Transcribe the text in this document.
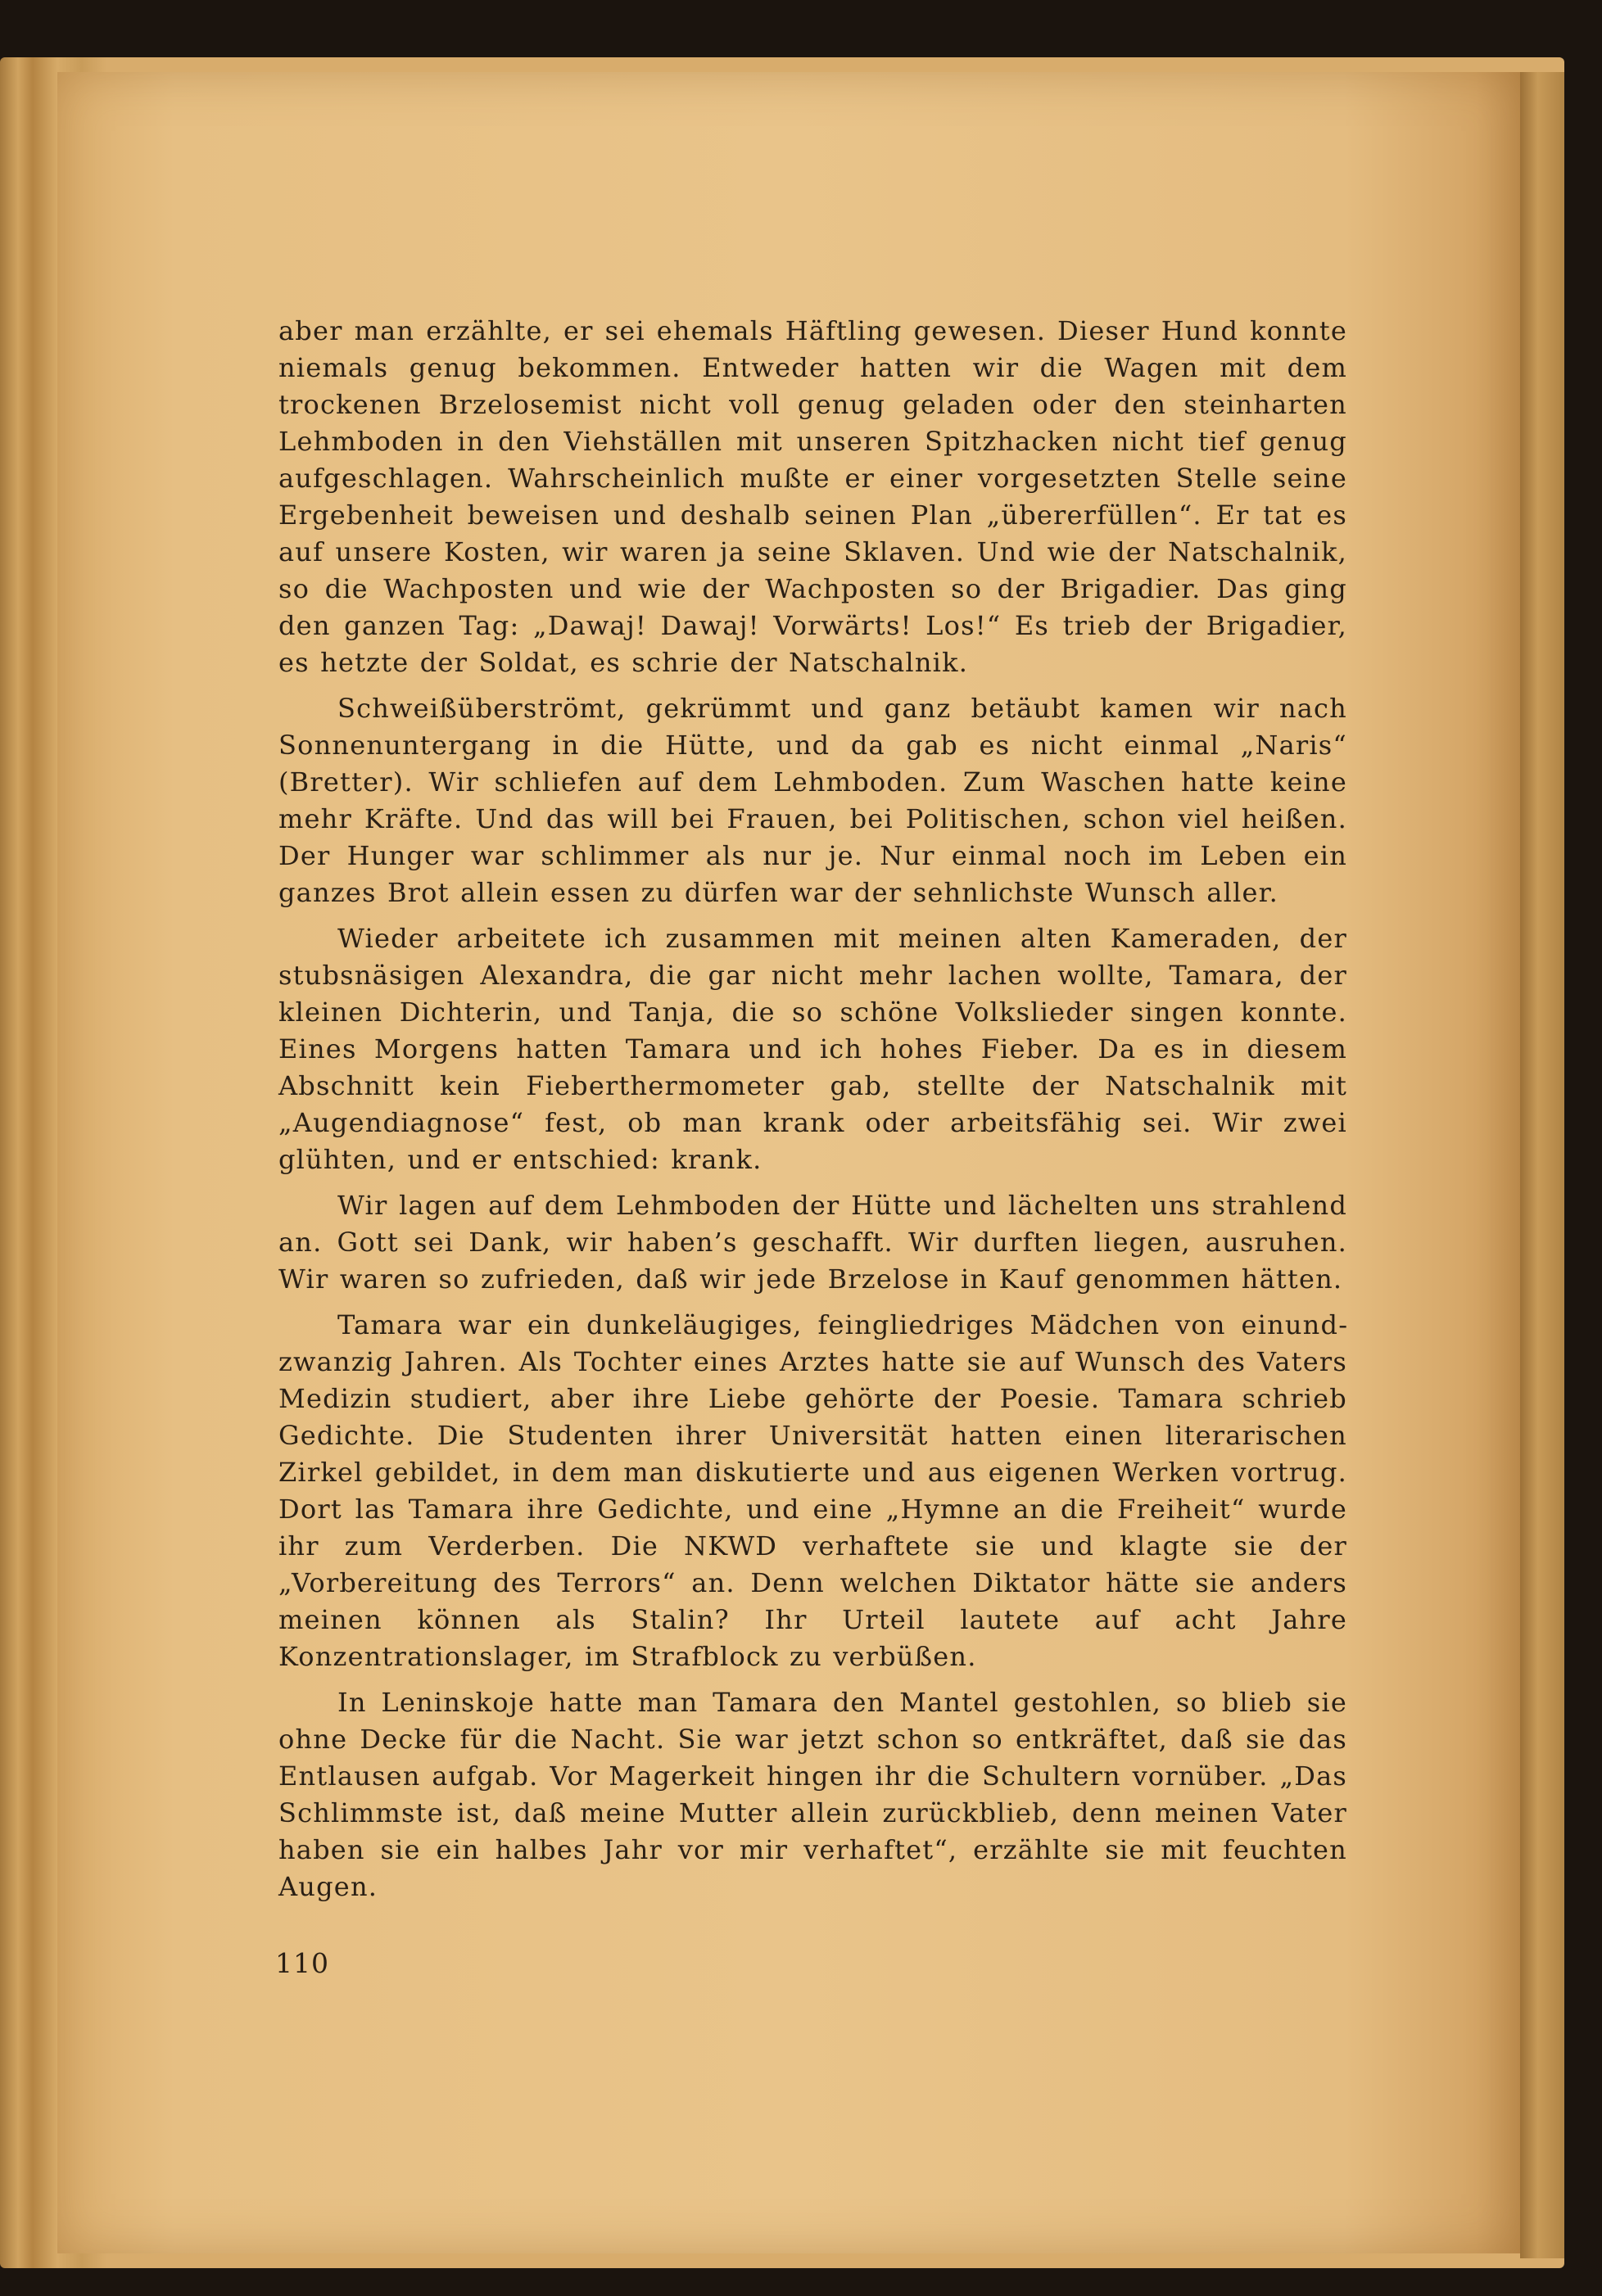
aber man erzählte, er sei ehemals Häftling gewesen. Dieser Hund konnte niemals genug bekommen. Entweder hatten wir die Wagen mit dem trockenen Brzelosemist nicht voll genug geladen oder den steinharten Lehmboden in den Viehställen mit unseren Spitzhacken nicht tief genug aufgeschlagen. Wahrscheinlich mußte er einer vorgesetzten Stelle seine Ergebenheit beweisen und deshalb seinen Plan „übererfüllen“. Er tat es auf unsere Kosten, wir waren ja seine Sklaven. Und wie der Natschalnik, so die Wachposten und wie der Wachposten so der Brigadier. Das ging den ganzen Tag: „Dawaj! Dawaj! Vorwärts! Los!“ Es trieb der Brigadier, es hetzte der Soldat, es schrie der Natschalnik.

Schweißüberströmt, gekrümmt und ganz betäubt kamen wir nach Sonnenuntergang in die Hütte, und da gab es nicht einmal „Naris“ (Bretter). Wir schliefen auf dem Lehmboden. Zum Waschen hatte keine mehr Kräfte. Und das will bei Frauen, bei Politischen, schon viel heißen. Der Hunger war schlimmer als nur je. Nur einmal noch im Leben ein ganzes Brot allein essen zu dürfen war der sehnlichste Wunsch aller.

Wieder arbeitete ich zusammen mit meinen alten Kameraden, der stubsnäsigen Alexandra, die gar nicht mehr lachen wollte, Tamara, der kleinen Dichterin, und Tanja, die so schöne Volkslieder singen konnte. Eines Morgens hatten Tamara und ich hohes Fieber. Da es in diesem Abschnitt kein Fieberthermometer gab, stellte der Natschalnik mit „Augendiagnose“ fest, ob man krank oder arbeitsfähig sei. Wir zwei glühten, und er entschied: krank.

Wir lagen auf dem Lehmboden der Hütte und lächelten uns strahlend an. Gott sei Dank, wir haben’s geschafft. Wir durften liegen, ausruhen. Wir waren so zufrieden, daß wir jede Brzelose in Kauf genommen hätten.

Tamara war ein dunkeläugiges, feingliedriges Mädchen von einundzwanzig Jahren. Als Tochter eines Arztes hatte sie auf Wunsch des Vaters Medizin studiert, aber ihre Liebe gehörte der Poesie. Tamara schrieb Gedichte. Die Studenten ihrer Universität hatten einen literarischen Zirkel gebildet, in dem man diskutierte und aus eigenen Werken vortrug. Dort las Tamara ihre Gedichte, und eine „Hymne an die Freiheit“ wurde ihr zum Verderben. Die NKWD verhaftete sie und klagte sie der „Vorbereitung des Terrors“ an. Denn welchen Diktator hätte sie anders meinen können als Stalin? Ihr Urteil lautete auf acht Jahre Konzentrationslager, im Strafblock zu verbüßen.

In Leninskoje hatte man Tamara den Mantel gestohlen, so blieb sie ohne Decke für die Nacht. Sie war jetzt schon so entkräftet, daß sie das Entlausen aufgab. Vor Magerkeit hingen ihr die Schultern vornüber. „Das Schlimmste ist, daß meine Mutter allein zurückblieb, denn meinen Vater haben sie ein halbes Jahr vor mir verhaftet“, erzählte sie mit feuchten Augen.

110
